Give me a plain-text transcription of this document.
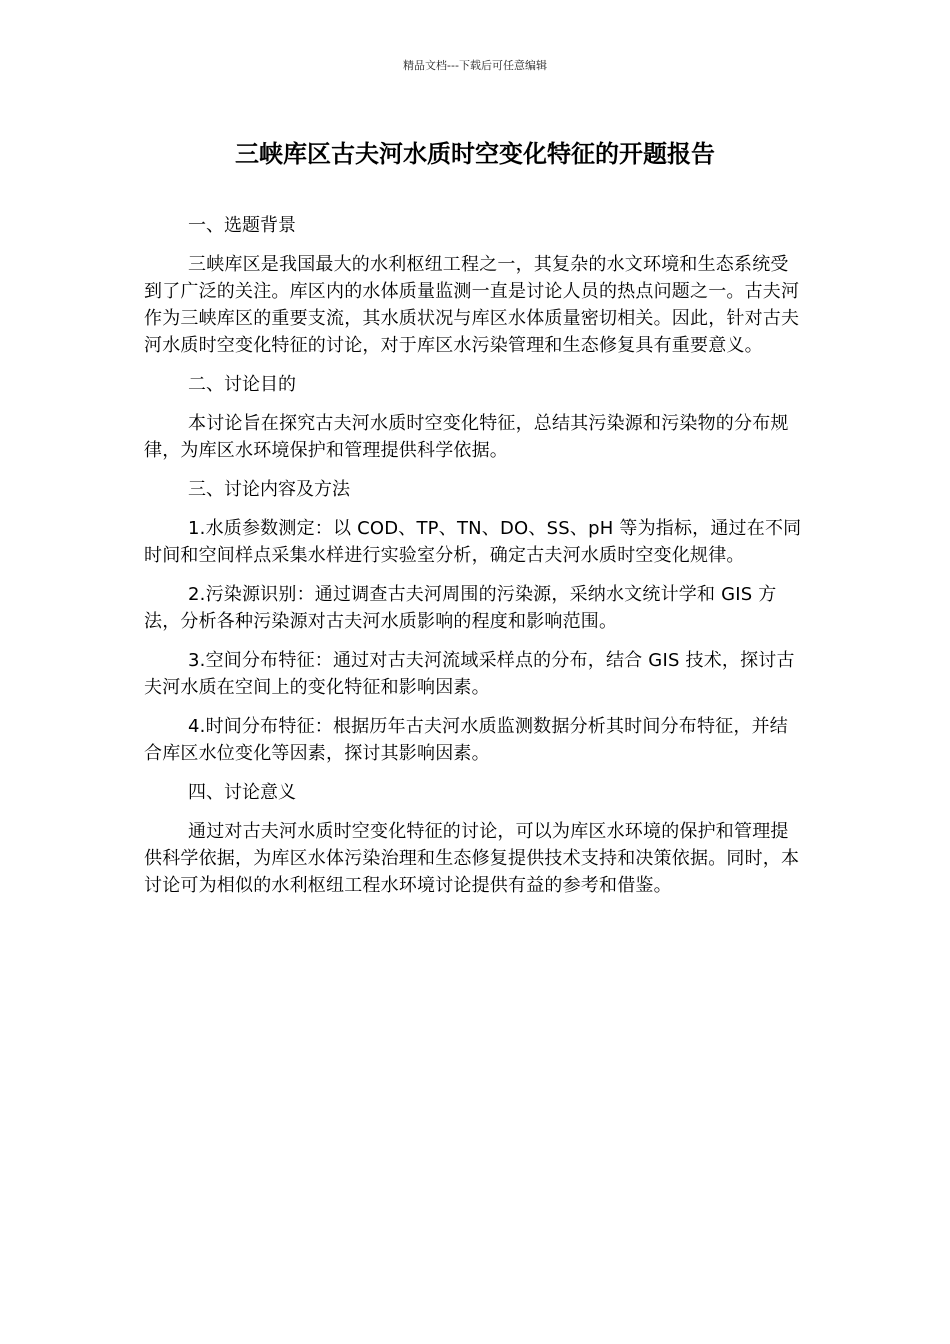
精品文档---下载后可任意编辑
三峡库区古夫河水质时空变化特征的开题报告
一、选题背景

三峡库区是我国最大的水利枢纽工程之一，其复杂的水文环境和生态系统受到了广泛的关注。库区内的水体质量监测一直是讨论人员的热点问题之一。古夫河作为三峡库区的重要支流，其水质状况与库区水体质量密切相关。因此，针对古夫河水质时空变化特征的讨论，对于库区水污染管理和生态修复具有重要意义。

二、讨论目的

本讨论旨在探究古夫河水质时空变化特征，总结其污染源和污染物的分布规律，为库区水环境保护和管理提供科学依据。

三、讨论内容及方法

1.水质参数测定：以 COD、TP、TN、DO、SS、pH 等为指标，通过在不同时间和空间样点采集水样进行实验室分析，确定古夫河水质时空变化规律。

2.污染源识别：通过调查古夫河周围的污染源，采纳水文统计学和 GIS 方法，分析各种污染源对古夫河水质影响的程度和影响范围。

3.空间分布特征：通过对古夫河流域采样点的分布，结合 GIS 技术，探讨古夫河水质在空间上的变化特征和影响因素。

4.时间分布特征：根据历年古夫河水质监测数据分析其时间分布特征，并结合库区水位变化等因素，探讨其影响因素。

四、讨论意义

通过对古夫河水质时空变化特征的讨论，可以为库区水环境的保护和管理提供科学依据，为库区水体污染治理和生态修复提供技术支持和决策依据。同时，本讨论可为相似的水利枢纽工程水环境讨论提供有益的参考和借鉴。
